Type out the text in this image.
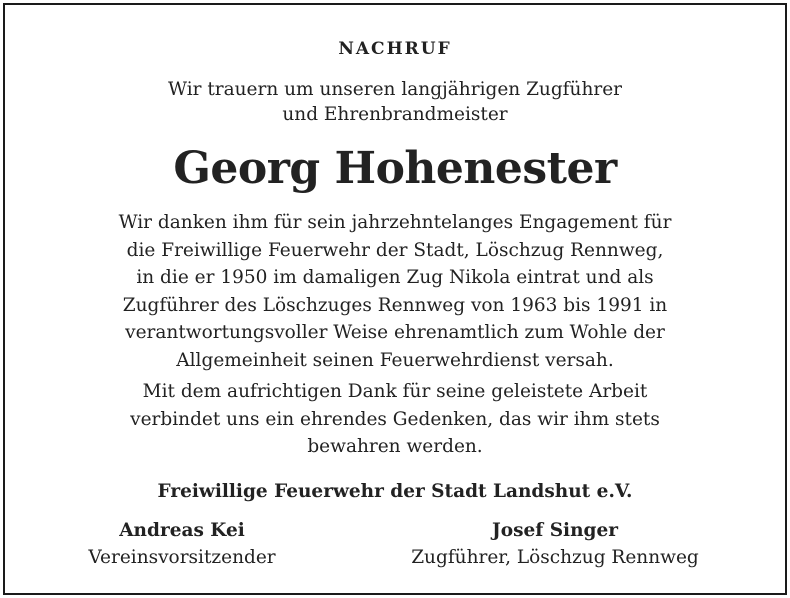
NACHRUF
Wir trauern um unseren langjährigen Zugführer
und Ehrenbrandmeister
Georg Hohenester
Wir danken ihm für sein jahrzehntelanges Engagement für
die Freiwillige Feuerwehr der Stadt, Löschzug Rennweg,
in die er 1950 im damaligen Zug Nikola eintrat und als
Zugführer des Löschzuges Rennweg von 1963 bis 1991 in
verantwortungsvoller Weise ehrenamtlich zum Wohle der
Allgemeinheit seinen Feuerwehrdienst versah.
Mit dem aufrichtigen Dank für seine geleistete Arbeit
verbindet uns ein ehrendes Gedenken, das wir ihm stets
bewahren werden.
Freiwillige Feuerwehr der Stadt Landshut e.V.
Andreas Kei
Vereinsvorsitzender
Josef Singer
Zugführer, Löschzug Rennweg
